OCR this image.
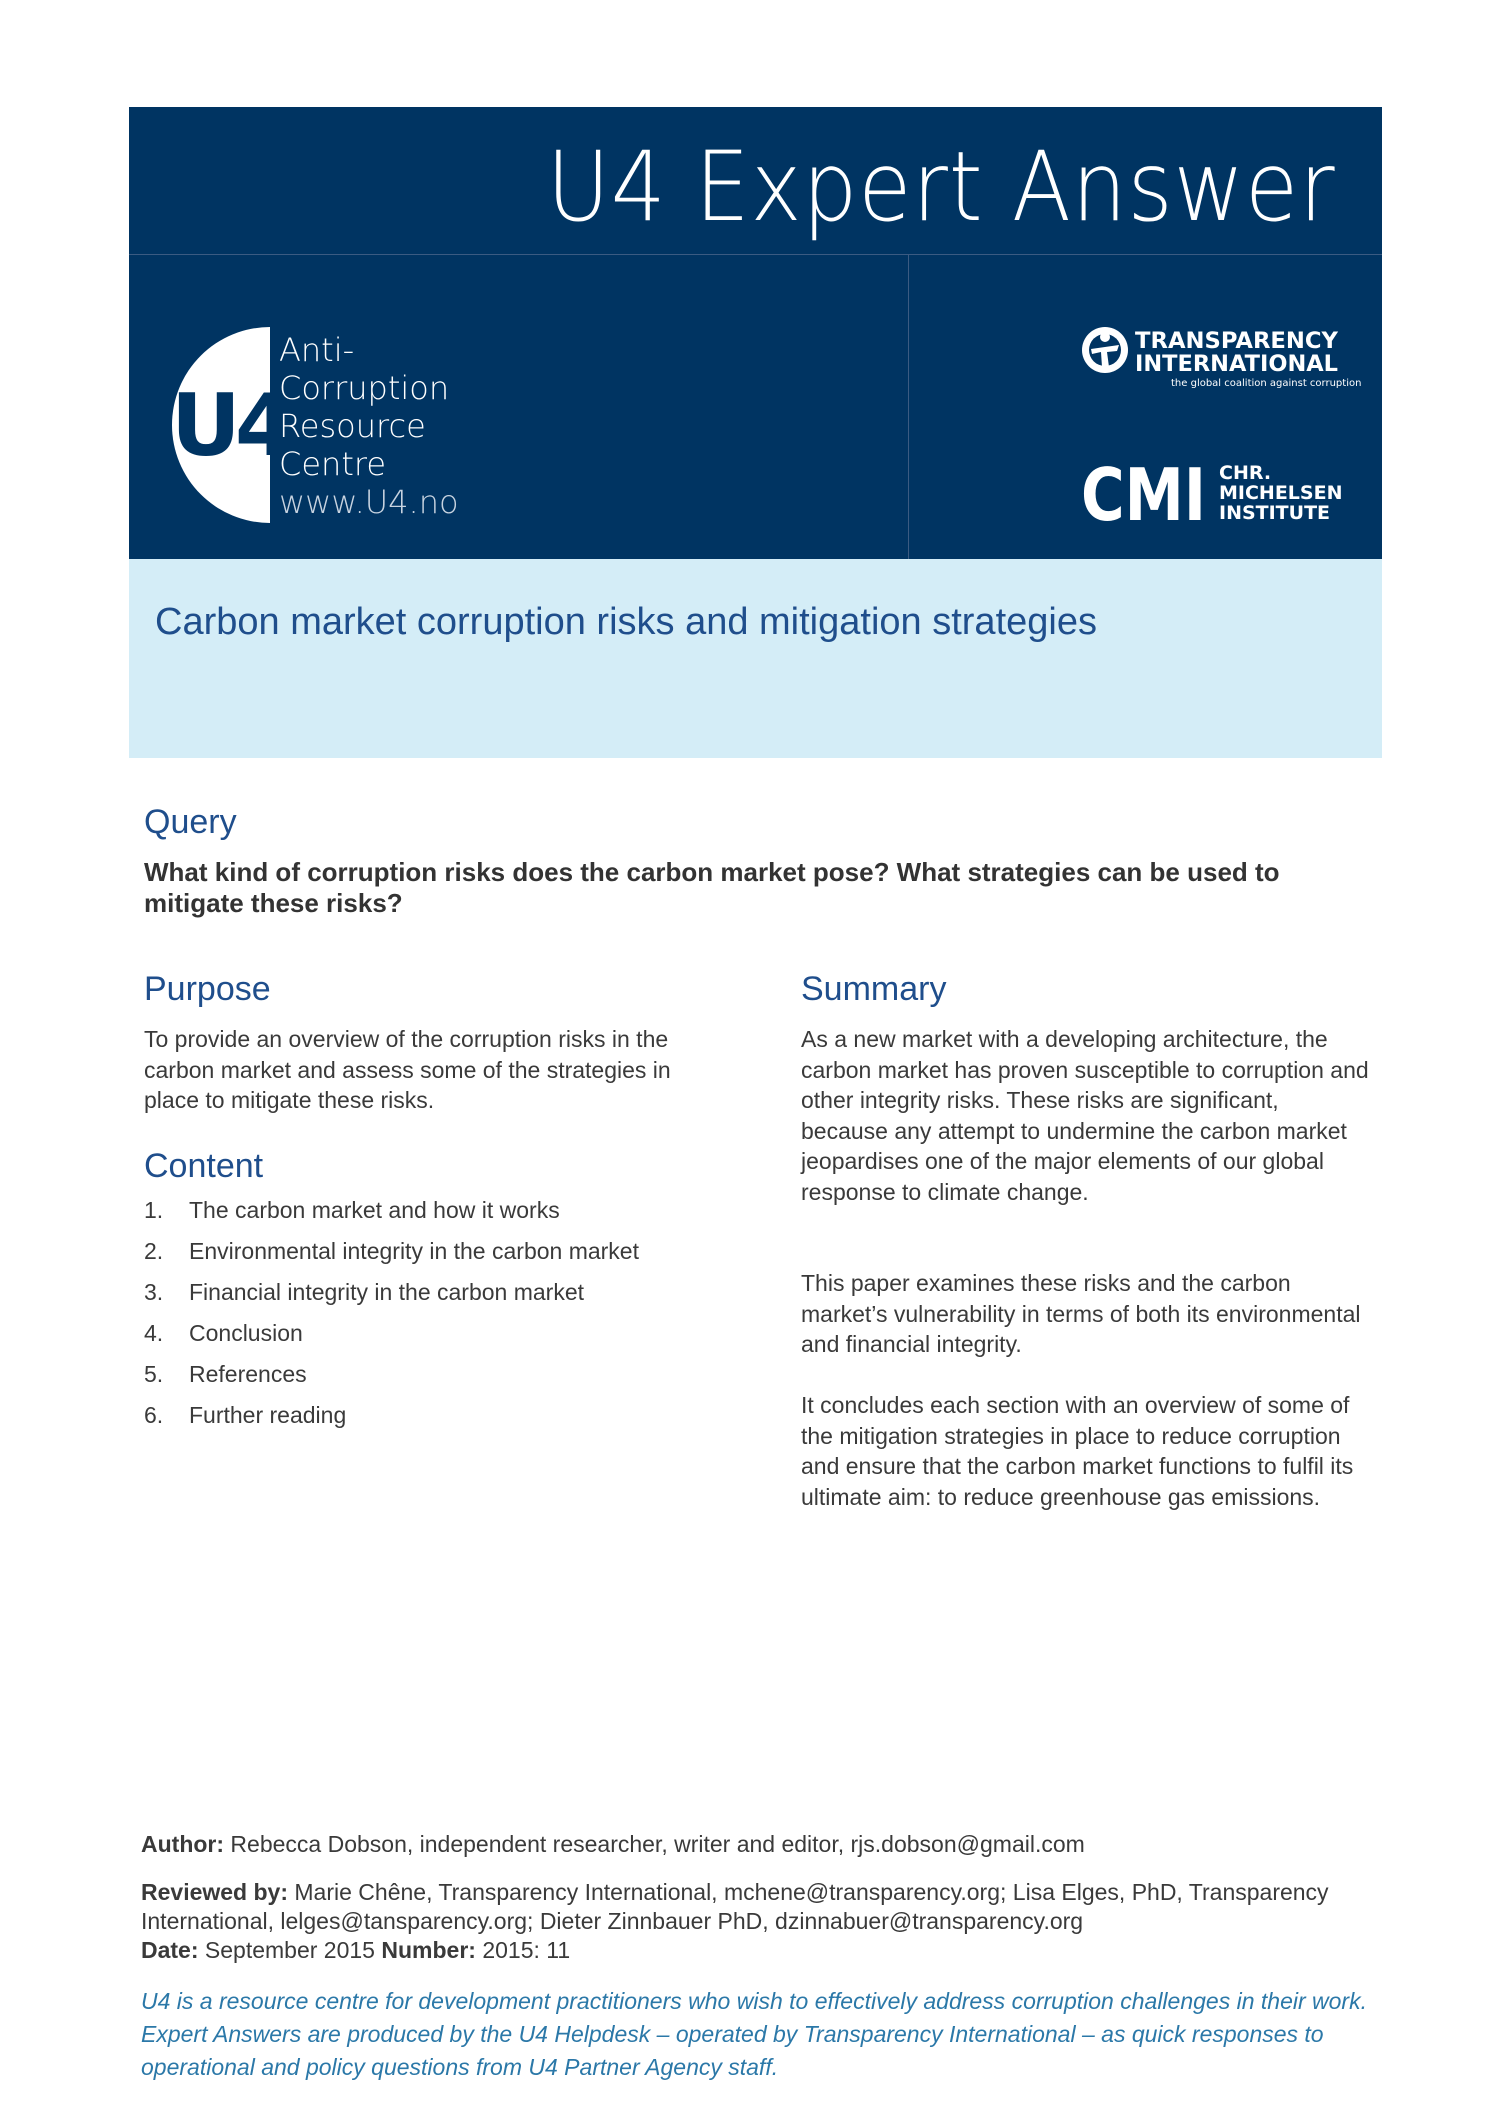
U4 Expert Answer
U4
Anti-
Corruption
Resource
Centre
www.U4.no
TRANSPARENCY
INTERNATIONAL
the global coalition against corruption
CMI CHR.
MICHELSEN
INSTITUTE
Carbon market corruption risks and mitigation strategies
Query

What kind of corruption risks does the carbon market pose? What strategies can be used to mitigate these risks?

Purpose

To provide an overview of the corruption risks in the carbon market and assess some of the strategies in place to mitigate these risks.

Content
1.	The carbon market and how it works
2.	Environmental integrity in the carbon market
3.	Financial integrity in the carbon market
4.	Conclusion
5.	References
6.	Further reading
Summary

As a new market with a developing architecture, the carbon market has proven susceptible to corruption and other integrity risks. These risks are significant, because any attempt to undermine the carbon market jeopardises one of the major elements of our global response to climate change.

This paper examines these risks and the carbon market’s vulnerability in terms of both its environmental and financial integrity.

It concludes each section with an overview of some of the mitigation strategies in place to reduce corruption and ensure that the carbon market functions to fulfil its ultimate aim: to reduce greenhouse gas emissions.

Author: Rebecca Dobson, independent researcher, writer and editor, rjs.dobson@gmail.com

Reviewed by: Marie Chêne, Transparency International, mchene@transparency.org; Lisa Elges, PhD, Transparency International, lelges@tansparency.org; Dieter Zinnbauer PhD, dzinnabuer@transparency.org

Date: September 2015 Number: 2015: 11

U4 is a resource centre for development practitioners who wish to effectively address corruption challenges in their work. Expert Answers are produced by the U4 Helpdesk – operated by Transparency International – as quick responses to operational and policy questions from U4 Partner Agency staff.
